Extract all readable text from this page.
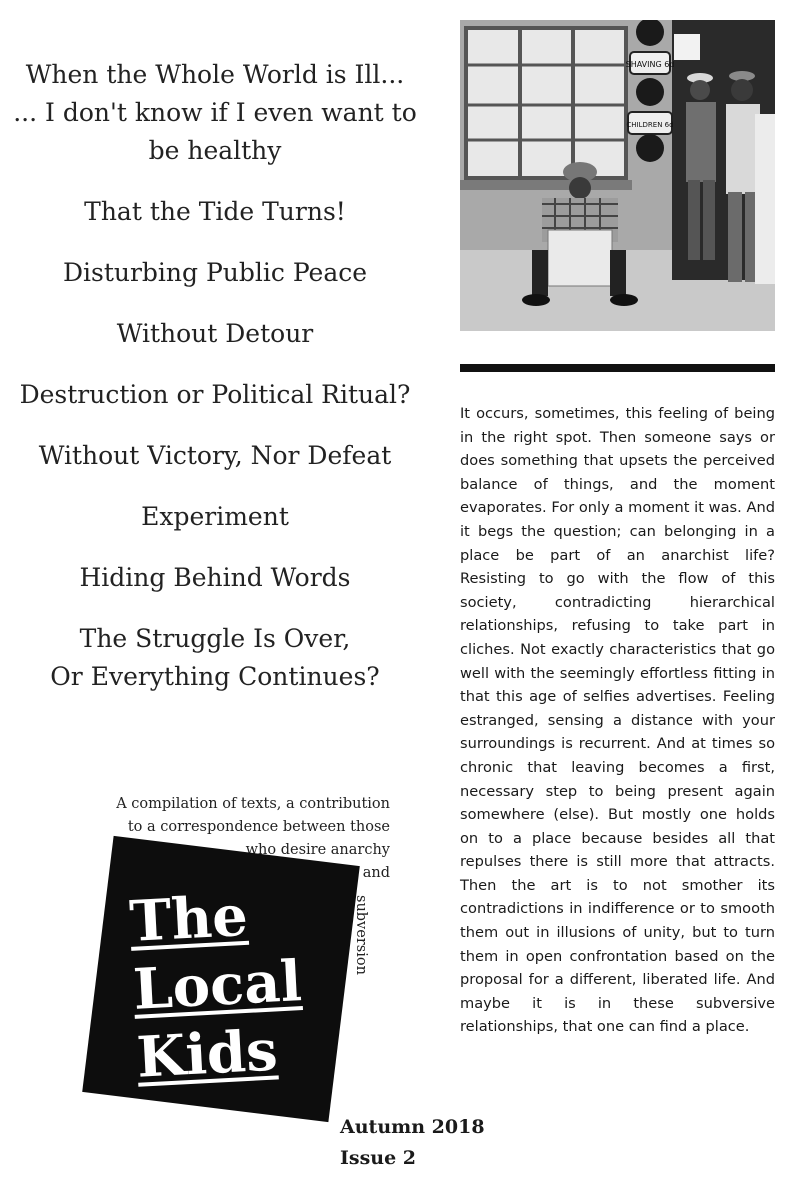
When the Whole World is Ill...
... I don't know if I even want to
be healthy
That the Tide Turns!
Disturbing Public Peace
Without Detour
Destruction or Political Ritual?
Without Victory, Nor Defeat
Experiment
Hiding Behind Words
The Struggle Is Over,
Or Everything Continues?
SHAVING 6d
CHILDREN 6d
It occurs, sometimes, this feeling of being in the right spot. Then someone says or does something that upsets the perceived balance of things, and the moment evaporates. For only a moment it was. And it begs the question; can belonging in a place be part of an anarchist life? Resisting to go with the flow of this society, contradicting hierarchical relationships, refusing to take part in cliches. Not exactly characteristics that go well with the seemingly effortless fitting in that this age of selfies advertises. Feeling estranged, sensing a distance with your surroundings is recurrent. And at times so chronic that leaving becomes a first, necessary step to being present again somewhere (else). But mostly one holds on to a place because besides all that repulses there is still more that attracts. Then the art is to not smother its contradictions in indifference or to smooth them out in illusions of unity, but to turn them in open confrontation based on the proposal for a different, liberated life. And maybe it is in these subversive relationships, that one can find a place.
A compilation of texts, a contribution
to a correspondence between those
who desire anarchy
and
subversion
The
Local
Kids
Autumn 2018
Issue 2
